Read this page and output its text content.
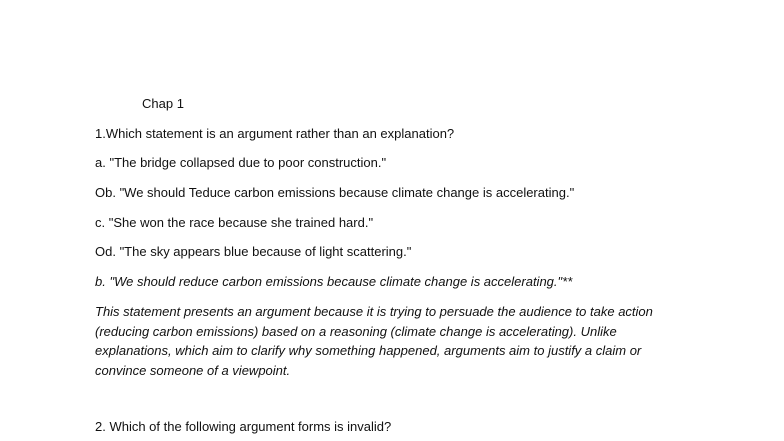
Chap 1
1.Which statement is an argument rather than an explanation?
a. "The bridge collapsed due to poor construction."
Ob. "We should Teduce carbon emissions because climate change is accelerating."
c. "She won the race because she trained hard."
Od. "The sky appears blue because of light scattering."
b. "We should reduce carbon emissions because climate change is accelerating."**
This statement presents an argument because it is trying to persuade the audience to take action (reducing carbon emissions) based on a reasoning (climate change is accelerating). Unlike explanations, which aim to clarify why something happened, arguments aim to justify a claim or convince someone of a viewpoint.
2. Which of the following argument forms is invalid?
